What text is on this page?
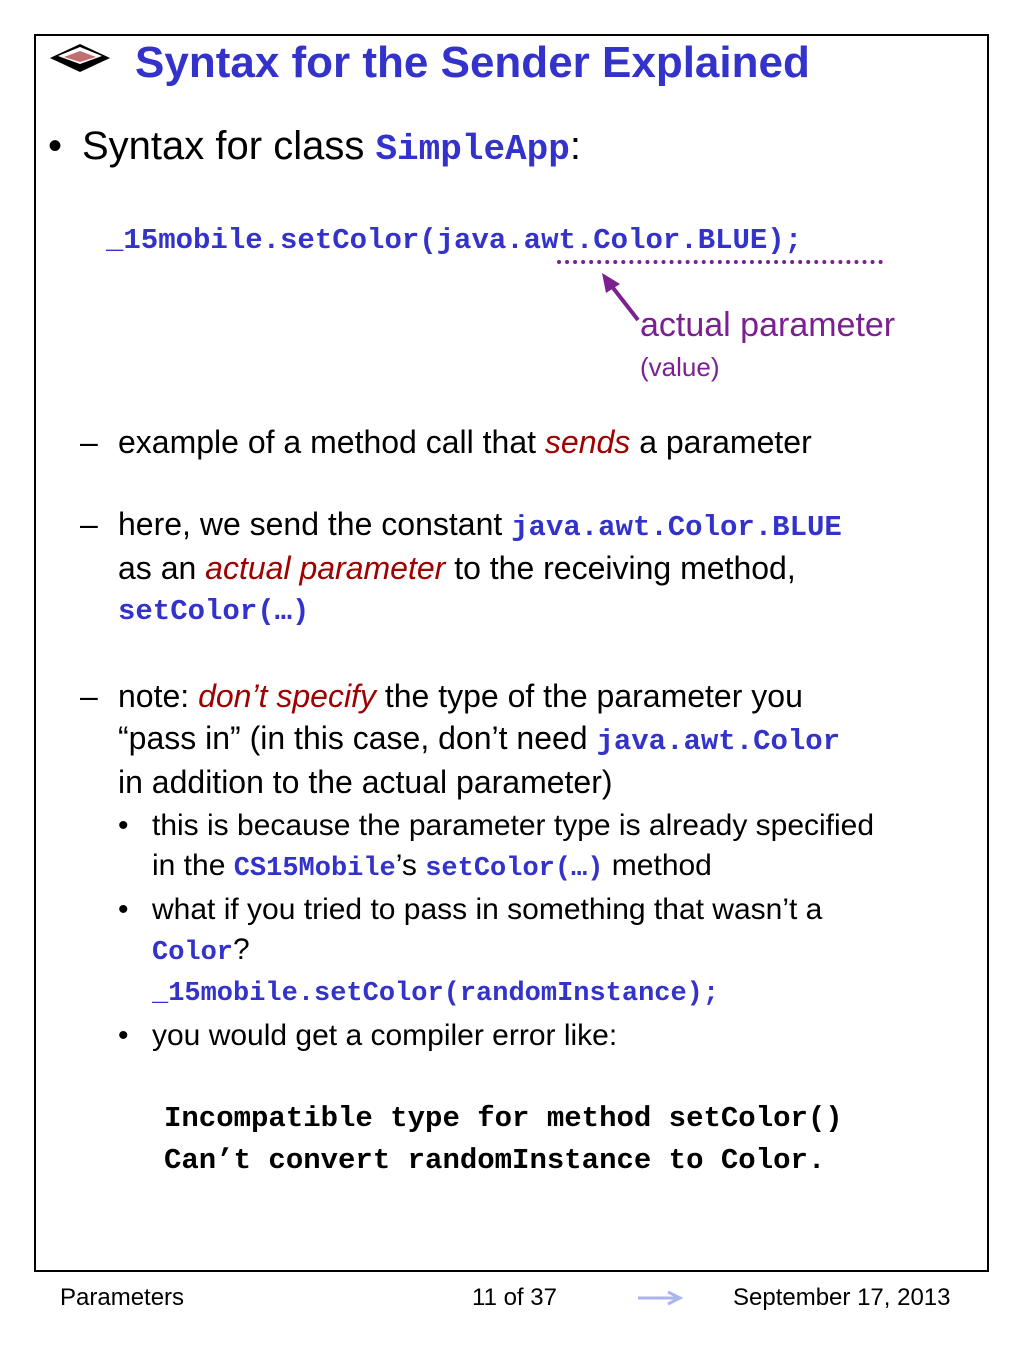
Syntax for the Sender Explained
• Syntax for class SimpleApp:
_15mobile.setColor(java.awt.Color.BLUE);
actual parameter
(value)
– example of a method call that sends a parameter
– here, we send the constant java.awt.Color.BLUE
as an actual parameter to the receiving method,
setColor(…)
– note: don’t specify the type of the parameter you
“pass in” (in this case, don’t need java.awt.Color
in addition to the actual parameter)
• this is because the parameter type is already specified
in the CS15Mobile’s setColor(…) method
• what if you tried to pass in something that wasn’t a
Color?
_15mobile.setColor(randomInstance);
• you would get a compiler error like:
Incompatible type for method setColor()
Can’t convert randomInstance to Color.
Parameters	11 of 37	September 17, 2013
